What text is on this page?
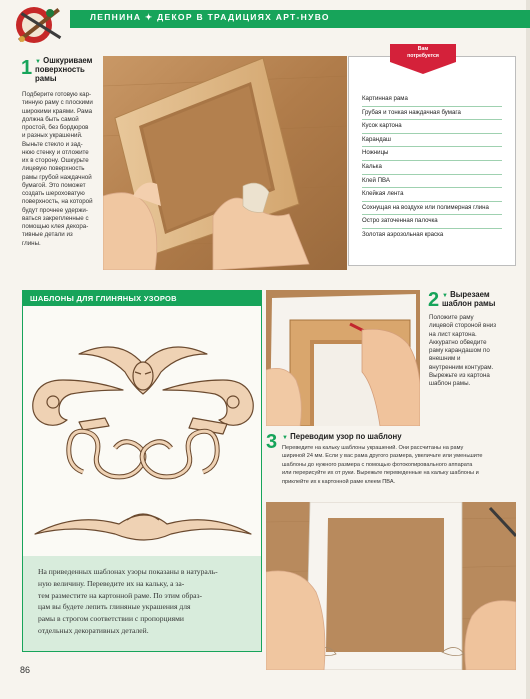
ЛЕПНИНА ✦ ДЕКОР В ТРАДИЦИЯХ АРТ-НУВО
1 ▼ Ошкуриваем
поверхность
рамы
Подберите готовую кар-
тинную раму с плоскими
широкими краями. Рама
должна быть самой
простой, без бордюров
и разных украшений.
Выньте стекло и зад-
нюю стенку и отложите
их в сторону. Ошкурьте
лицевую поверхность
рамы грубой наждачной
бумагой. Это поможет
создать шероховатую
поверхность, на которой
будут прочнее удержи-
ваться закрепленные с
помощью клея декора-
тивные детали из
глины.
Вам
потребуется
Картинная рама
Грубая и тонкая наждачная бумага
Кусок картона
Карандаш
Ножницы
Калька
Клей ПВА
Клейкая лента
Сохнущая на воздухе или полимерная глина
Остро заточенная палочка
Золотая аэрозольная краска
ШАБЛОНЫ ДЛЯ ГЛИНЯНЫХ УЗОРОВ
На приведенных шаблонах узоры показаны в натураль-
ную величину. Переведите их на кальку, а за-
тем разместите на картонной раме. По этим образ-
цам вы будете лепить глиняные украшения для
рамы в строгом соответствии с пропорциями
отдельных декоративных деталей.
2 ▼ Вырезаем
шаблон рамы
Положите раму
лицевой стороной вниз
на лист картона.
Аккуратно обведите
раму карандашом по
внешним и
внутренним контурам.
Вырежьте из картона
шаблон рамы.
3 ▼ Переводим узор по шаблону
Переведите на кальку шаблоны украшений. Они рассчитаны на раму
шириной 24 мм. Если у вас рама другого размера, увеличьте или уменьшите
шаблоны до нужного размера с помощью фотокопировального аппарата
или перерисуйте их от руки. Вырежьте переведенные на кальку шаблоны и
приклейте их к картонной раме клеем ПВА.
86
